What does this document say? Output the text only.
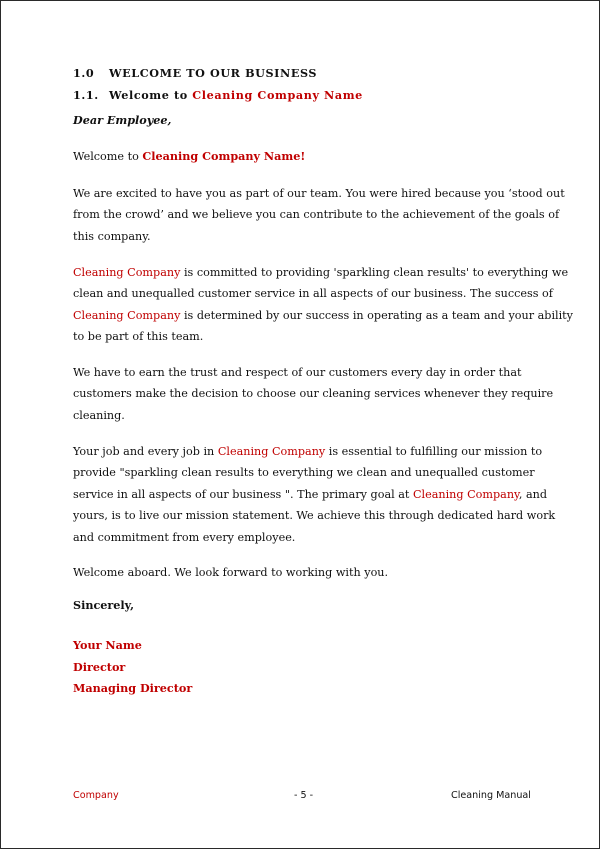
1.0 WELCOME TO OUR BUSINESS
1.1. Welcome to Cleaning Company Name
Dear Employee,
Welcome to Cleaning Company Name!
We are excited to have you as part of our team. You were hired because you ‘stood out
from the crowd’ and we believe you can contribute to the achievement of the goals of
this company.
Cleaning Company is committed to providing 'sparkling clean results' to everything we
clean and unequalled customer service in all aspects of our business. The success of
Cleaning Company is determined by our success in operating as a team and your ability
to be part of this team.
We have to earn the trust and respect of our customers every day in order that
customers make the decision to choose our cleaning services whenever they require
cleaning.
Your job and every job in Cleaning Company is essential to fulfilling our mission to
provide "sparkling clean results to everything we clean and unequalled customer
service in all aspects of our business ". The primary goal at Cleaning Company, and
yours, is to live our mission statement. We achieve this through dedicated hard work
and commitment from every employee.
Welcome aboard. We look forward to working with you.
Sincerely,
Your Name
Director
Managing Director
Company	- 5 -	Cleaning Manual
